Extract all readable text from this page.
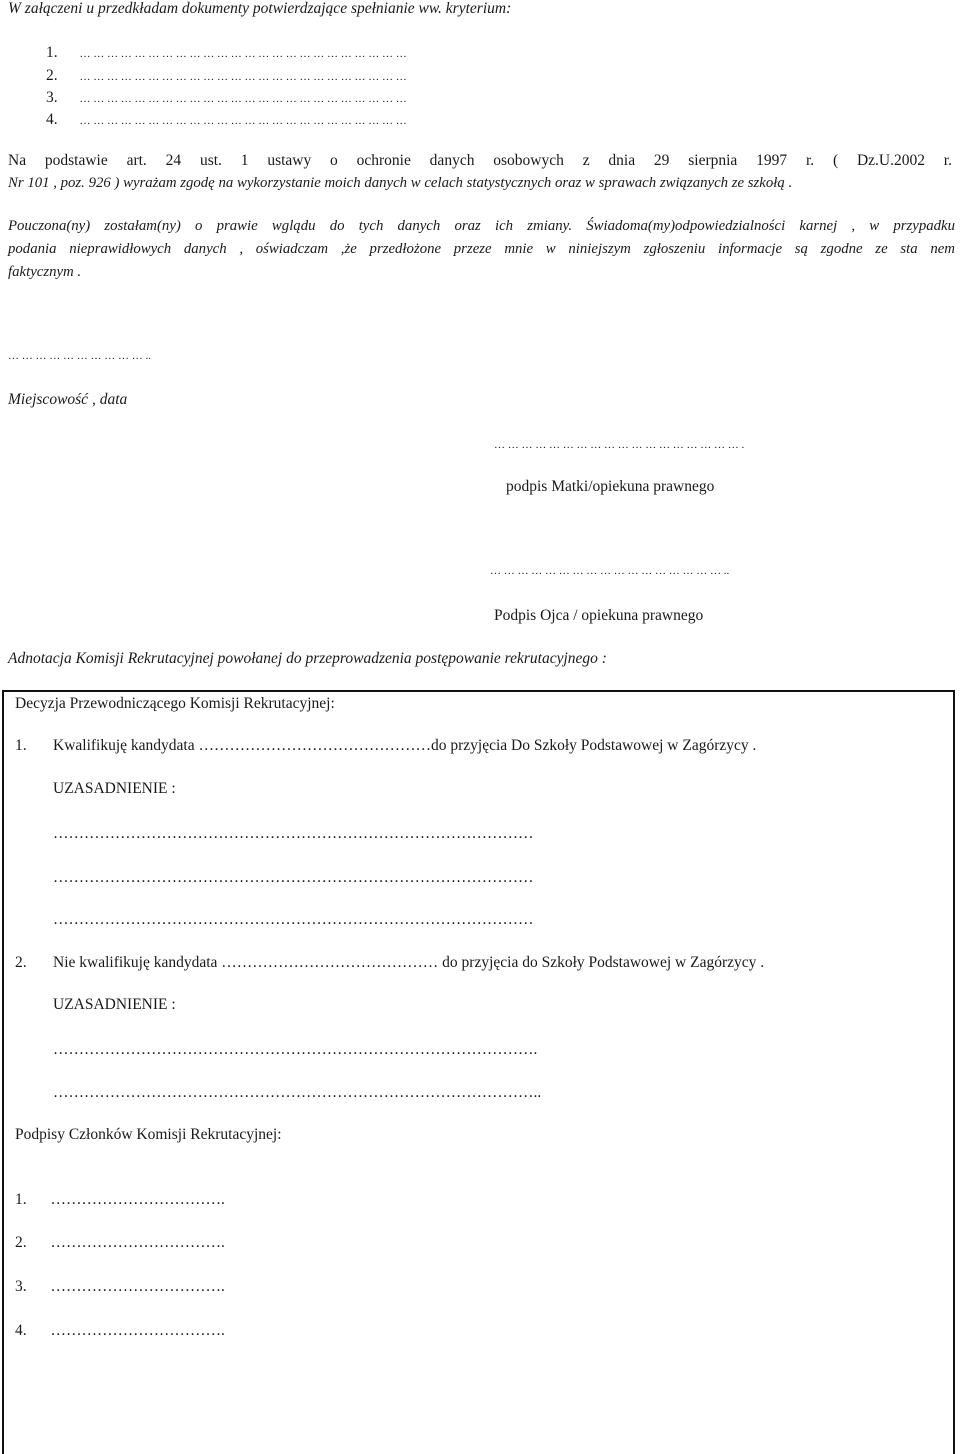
W załączeni u przedkładam dokumenty potwierdzające spełnianie ww. kryterium:
1. … … … … … … … … … … … … … … … … … … … … … … … …
2. … … … … … … … … … … … … … … … … … … … … … … … …
3. … … … … … … … … … … … … … … … … … … … … … … … …
4. … … … … … … … … … … … … … … … … … … … … … … … …
Na podstawie art. 24 ust. 1 ustawy o ochronie danych osobowych z dnia 29 sierpnia 1997 r. ( Dz.U.2002 r.
Nr 101 , poz. 926 ) wyrażam zgodę na wykorzystanie moich danych w celach statystycznych oraz w sprawach związanych ze szkołą .
Pouczona(ny) zostałam(ny) o prawie wglądu do tych danych oraz ich zmiany. Świadoma(my)odpowiedzialności karnej , w przypadku
podania nieprawidłowych danych , oświadczam ,że przedłożone przeze mnie w niniejszym zgłoszeniu informacje są zgodne ze sta nem
faktycznym .
… … … … … … … … … … ..
Miejscowość , data
… … … … … … … … … … … … … … … … … … .
podpis Matki/opiekuna prawnego
… … … … … … … … … … … … … … … … … ..
Podpis Ojca / opiekuna prawnego
Adnotacja Komisji Rekrutacyjnej powołanej do przeprowadzenia postępowanie rekrutacyjnego :
Decyzja Przewodniczącego Komisji Rekrutacyjnej:
1. Kwalifikuję kandydata ………………………………………do przyjęcia Do Szkoły Podstawowej w Zagórzycy .
UZASADNIENIE :
…………………………………………………………………………………
…………………………………………………………………………………
…………………………………………………………………………………
2. Nie kwalifikuję kandydata …………………………………… do przyjęcia do Szkoły Podstawowej w Zagórzycy .
UZASADNIENIE :
………………………………………………………………………………….
…………………………………………………………………………………..
Podpisy Członków Komisji Rekrutacyjnej:
1. …………………………….
2. …………………………….
3. …………………………….
4. …………………………….
